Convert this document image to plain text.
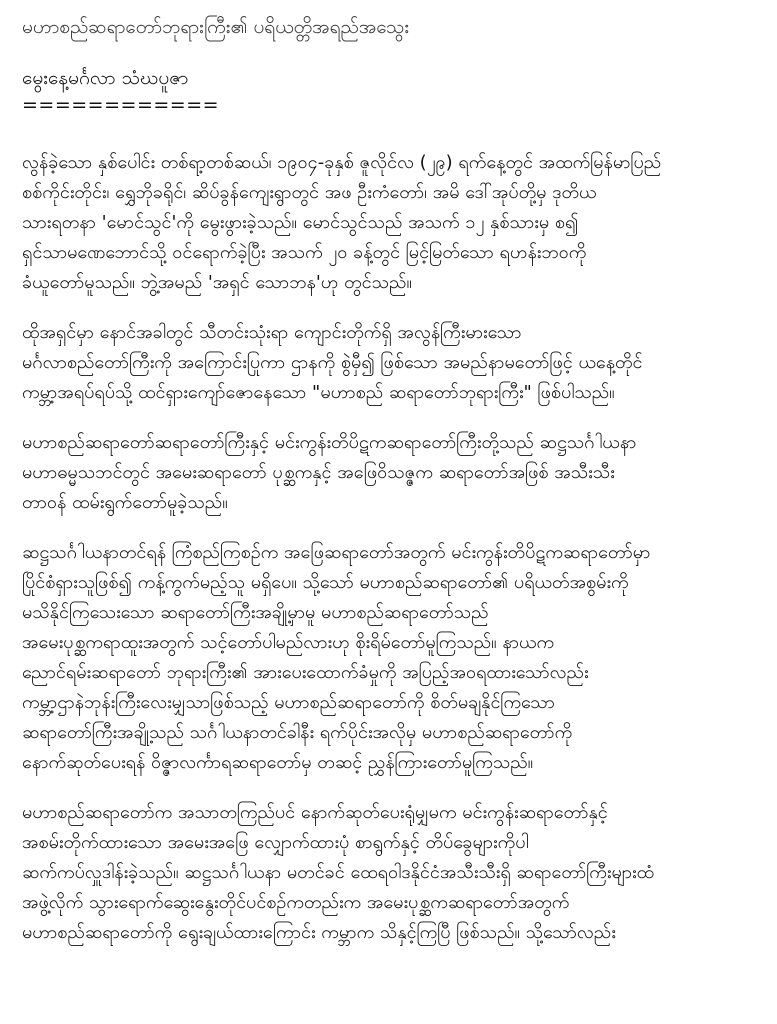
မဟာစည်ဆရာတော်ဘုရားကြီး၏ ပရိယတ္တိအရည်အသွေး
မွေးနေ့မင်္ဂလာ သံဃပူဇာ
============
လွန်ခဲ့သော နှစ်ပေါင်း တစ်ရာ့တစ်ဆယ်၊ ၁၉၀၄-ခုနှစ် ဇူလိုင်လ (၂၉) ရက်နေ့တွင် အထက်မြန်မာပြည်
စစ်ကိုင်းတိုင်း၊ ရွှေဘိုခရိုင်၊ ဆိပ်ခွန်ကျေးရွာတွင် အဖ ဦးကံတော်၊ အမိ ဒေါ်အုပ်တို့မှ ဒုတိယ
သားရတနာ 'မောင်သွင်'ကို မွေးဖွားခဲ့သည်။ မောင်သွင်သည် အသက် ၁၂ နှစ်သားမှ စ၍
ရှင်သာမဏေဘောင်သို့ ဝင်ရောက်ခဲ့ပြီး အသက် ၂၀ ခန့်တွင် မြင့်မြတ်သော ရဟန်းဘဝကို
ခံယူတော်မူသည်။ ဘွဲ့အမည် 'အရှင် သောဘန'ဟု တွင်သည်။
ထိုအရှင်မှာ နောင်အခါတွင် သီတင်းသုံးရာ ကျောင်းတိုက်ရှိ အလွန်ကြီးမားသော
မင်္ဂလာစည်တော်ကြီးကို အကြောင်းပြုကာ ဌာနကို စွဲမှီ၍ ဖြစ်သော အမည်နာမတော်ဖြင့် ယနေ့တိုင်
ကမ္ဘာ့အရပ်ရပ်သို့ ထင်ရှားကျော်ဇောနေသော "မဟာစည် ဆရာတော်ဘုရားကြီး" ဖြစ်ပါသည်။
မဟာစည်ဆရာတော်ဆရာတော်ကြီးနှင့် မင်းကွန်းတိပိဋကဆရာတော်ကြီးတို့သည် ဆဋ္ဌသင်္ဂါယနာ
မဟာဓမ္မသဘင်တွင် အမေးဆရာတော် ပုစ္ဆကနှင့် အဖြေဝိသဇ္ဇက ဆရာတော်အဖြစ် အသီးသီး
တာဝန် ထမ်းရွက်တော်မူခဲ့သည်။
ဆဋ္ဌသင်္ဂါယနာတင်ရန် ကြံစည်ကြစဉ်က အဖြေဆရာတော်အတွက် မင်းကွန်းတိပိဋကဆရာတော်မှာ
ပြိုင်စံရှားသူဖြစ်၍ ကန့်ကွက်မည့်သူ မရှိပေ။ သို့သော် မဟာစည်ဆရာတော်၏ ပရိယတ်အစွမ်းကို
မသိနိုင်ကြသေးသော ဆရာတော်ကြီးအချို့မှာမူ မဟာစည်ဆရာတော်သည်
အမေးပုစ္ဆကရာထူးအတွက် သင့်တော်ပါမည်လားဟု စိုးရိမ်တော်မူကြသည်။ နာယက
ညောင်ရမ်းဆရာတော် ဘုရားကြီး၏ အားပေးထောက်ခံမှုကို အပြည့်အဝရထားသော်လည်း
ကမ္ဘာ့ဌာနဲဘုန်းကြီးလေးမျှသာဖြစ်သည့် မဟာစည်ဆရာတော်ကို စိတ်မချနိုင်ကြသော
ဆရာတော်ကြီးအချို့သည် သင်္ဂါယနာတင်ခါနီး ရက်ပိုင်းအလိုမှ မဟာစည်ဆရာတော်ကို
နောက်ဆုတ်ပေးရန် ဝိဇ္ဇာလင်္ကာရဆရာတော်မှ တဆင့် ညွှန်ကြားတော်မူကြသည်။
မဟာစည်ဆရာတော်က အသာတကြည်ပင် နောက်ဆုတ်ပေးရုံမျှမက မင်းကွန်းဆရာတော်နှင့်
အစမ်းတိုက်ထားသော အမေးအဖြေ လျှောက်ထားပုံ စာရွက်နှင့် တိပ်ခွေများကိုပါ
ဆက်ကပ်လှူဒါန်းခဲ့သည်။ ဆဋ္ဌသင်္ဂါယနာ မတင်ခင် ထေရဝါဒနိုင်ငံအသီးသီးရှိ ဆရာတော်ကြီးများထံ
အဖွဲ့လိုက် သွားရောက်ဆွေးနွေးတိုင်ပင်စဉ်ကတည်းက အမေးပုစ္ဆကဆရာတော်အတွက်
မဟာစည်ဆရာတော်ကို ရွေးချယ်ထားကြောင်း ကမ္ဘာက သိနှင့်ကြပြီ ဖြစ်သည်။ သို့သော်လည်း
